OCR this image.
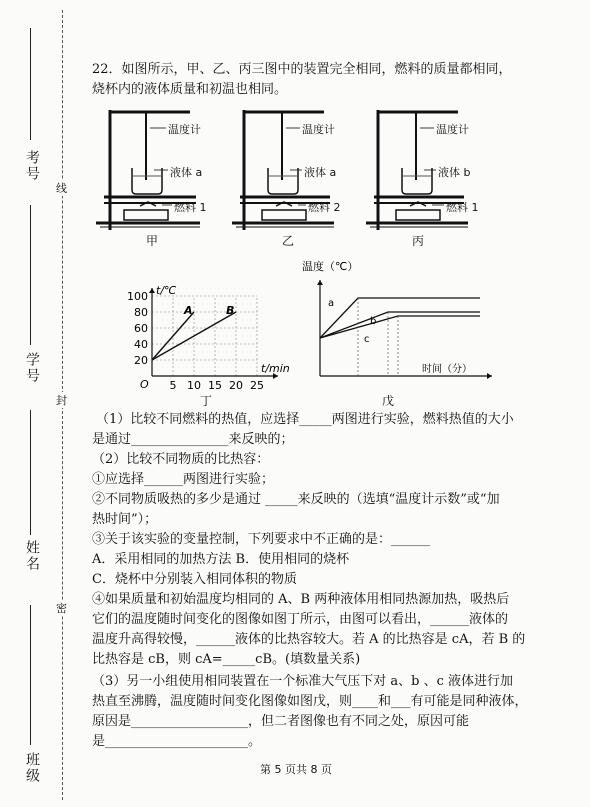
考号
学号
姓名
班级
线
封
密
22．如图所示，甲、乙、丙三图中的装置完全相同，燃料的质量都相同，
烧杯内的液体质量和初温也相同。
温度计
液体 a
燃料 1
甲
温度计
液体 a
燃料 2
乙
温度计
液体 b
燃料 1
丙
100
80
60
40
20
5 10 15 20 25
O
t/℃
t/min
A	B
丁
温度（℃）
时间（分）
a
b
c
戊
（1）比较不同燃料的热值，应选择_____两图进行实验，燃料热值的大小
是通过_______________来反映的；
（2）比较不同物质的比热容：
①应选择______两图进行实验；
②不同物质吸热的多少是通过 _____来反映的（选填“温度计示数”或“加
热时间”）；
③关于该实验的变量控制，下列要求中不正确的是：______
A．采用相同的加热方法 B．使用相同的烧杯
C．烧杯中分别装入相同体积的物质
④如果质量和初始温度均相同的 A、B 两种液体用相同热源加热，吸热后
它们的温度随时间变化的图像如图丁所示，由图可以看出，______液体的
温度升高得较慢，______液体的比热容较大。若 A 的比热容是 cA，若 B 的
比热容是 cB，则 cA=_____cB。(填数量关系)
（3）另一小组使用相同装置在一个标准大气压下对 a、b 、c 液体进行加
热直至沸腾，温度随时间变化图像如图戊，则____和___有可能是同种液体，
原因是__________________，但二者图像也有不同之处，原因可能
是______________________。
第 5 页共 8 页
